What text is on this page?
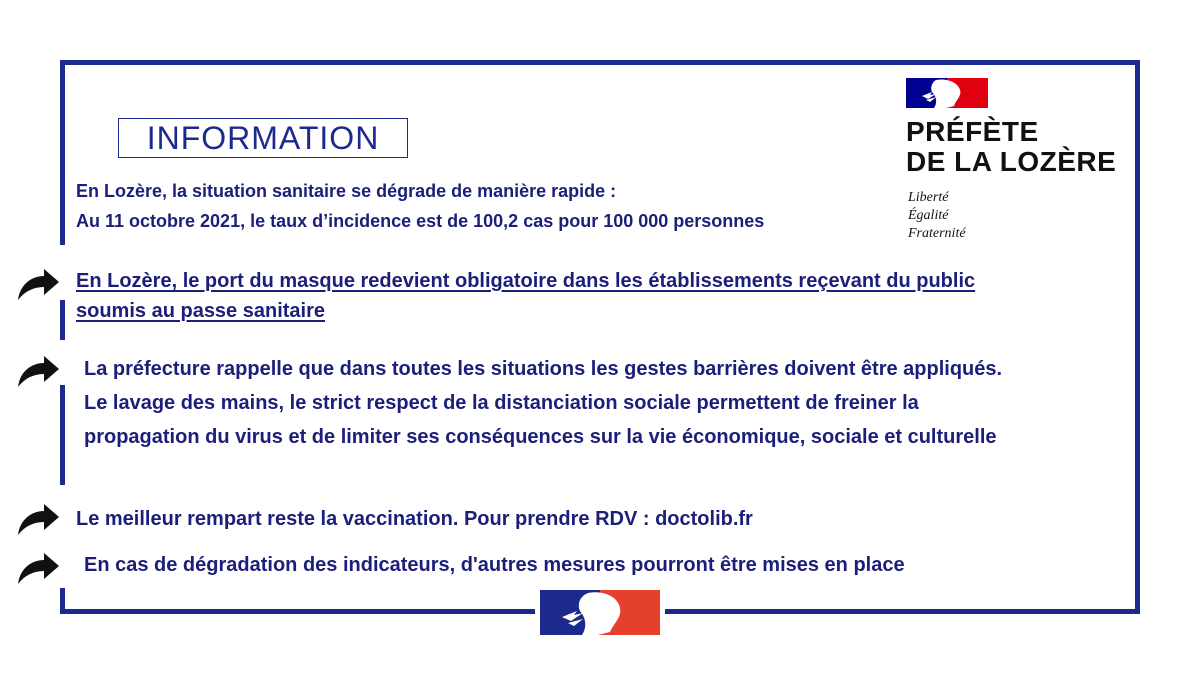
INFORMATION	PRÉFÈTE
DE LA LOZÈRE
Liberté
Égalité
Fraternité
En Lozère, la situation sanitaire se dégrade de manière rapide :
Au 11 octobre 2021, le taux d’incidence est de 100,2 cas pour 100 000 personnes
En Lozère, le port du masque redevient obligatoire dans les établissements reçevant du public
soumis au passe sanitaire
La préfecture rappelle que dans toutes les situations les gestes barrières doivent être appliqués.
Le lavage des mains, le strict respect de la distanciation sociale permettent de freiner la
propagation du virus et de limiter ses conséquences sur la vie économique, sociale et culturelle
Le meilleur rempart reste la vaccination. Pour prendre RDV : doctolib.fr
En cas de dégradation des indicateurs, d'autres mesures pourront être mises en place
